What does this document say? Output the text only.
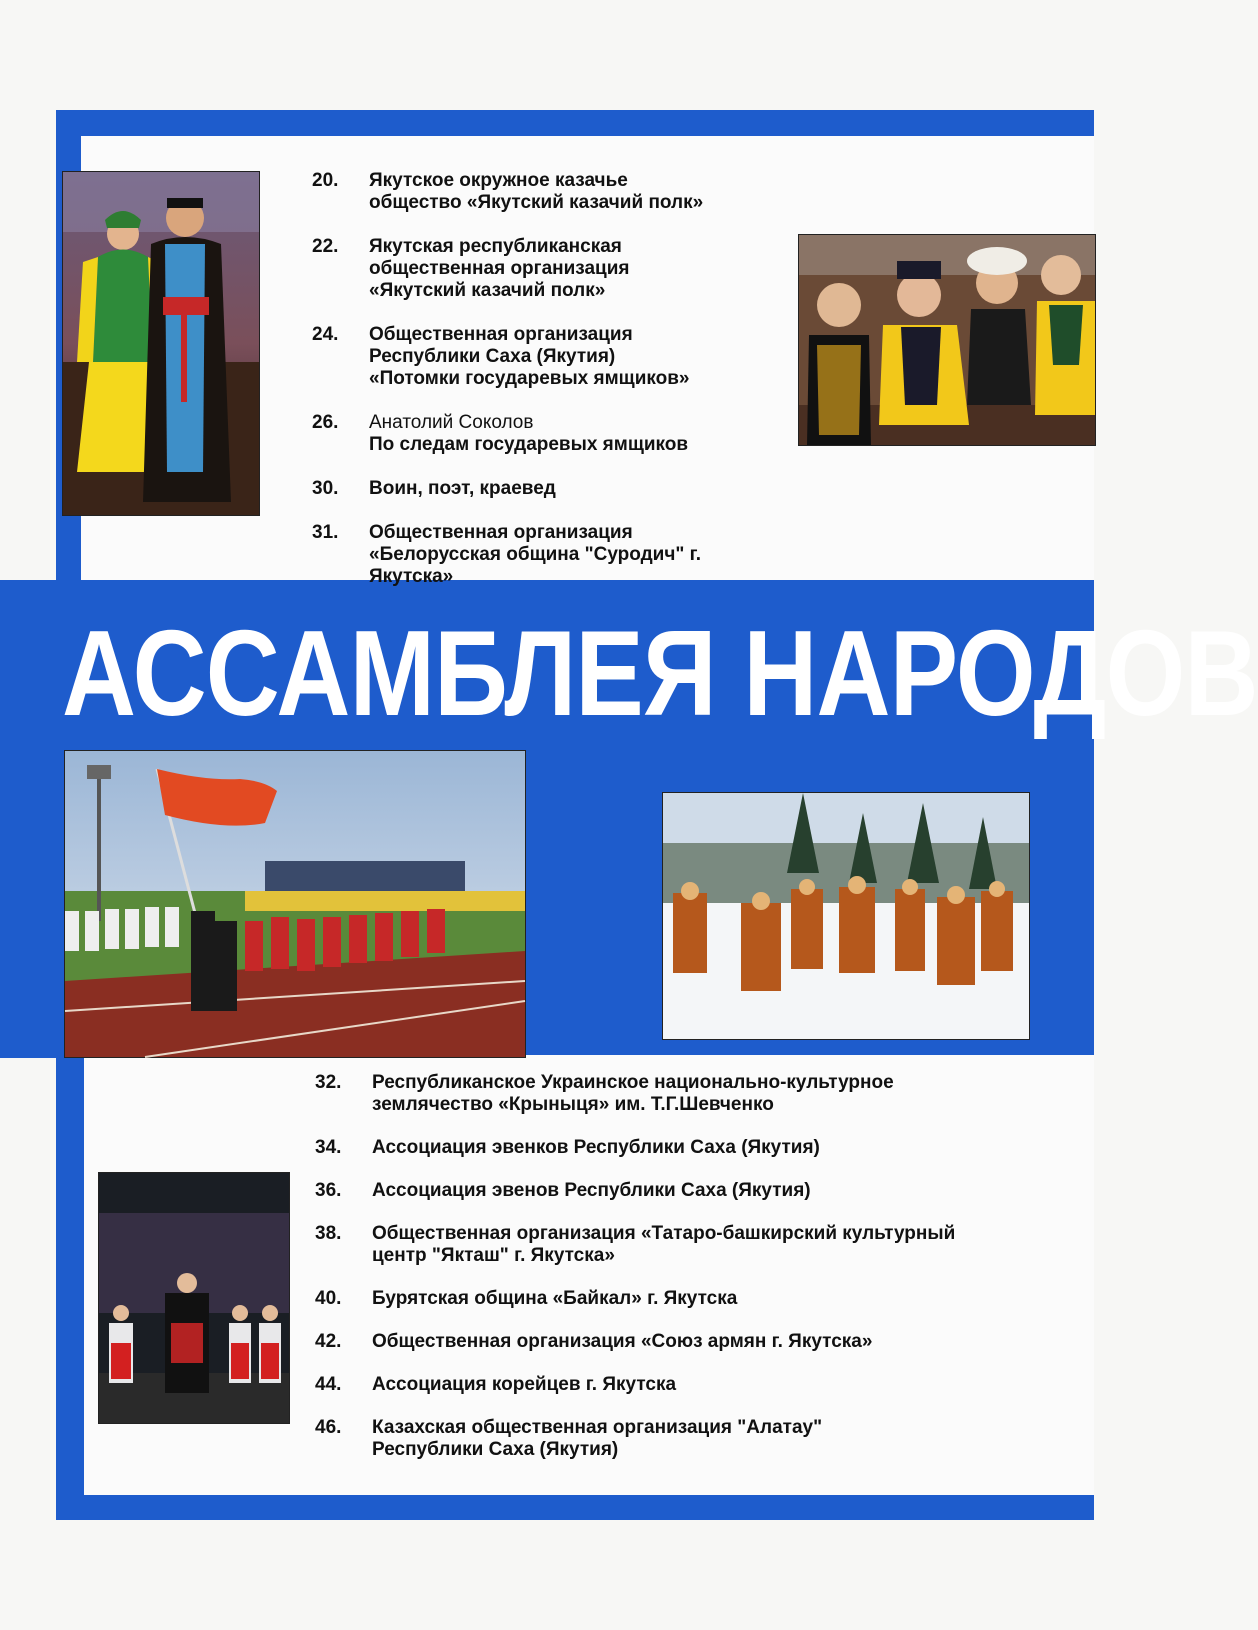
АССАМБЛЕЯ НАРОДОВ
20.	Якутское окружное казачье
общество «Якутский казачий полк»
22.	Якутская республиканская
общественная организация
«Якутский казачий полк»
24.	Общественная организация
Республики Саха (Якутия)
«Потомки государевых ямщиков»
26.	Анатолий Соколов
По следам государевых ямщиков
30.	Воин, поэт, краевед
31.	Общественная организация
«Белорусская община "Суродич" г. Якутска»
32.	Республиканское Украинское национально-культурное
землячество «Крыныця» им. Т.Г.Шевченко
34.	Ассоциация эвенков Республики Саха (Якутия)
36.	Ассоциация эвенов Республики Саха (Якутия)
38.	Общественная организация «Татаро-башкирский культурный
центр "Якташ" г. Якутска»
40.	Бурятская община «Байкал» г. Якутска
42.	Общественная организация «Союз армян г. Якутска»
44.	Ассоциация корейцев г. Якутска
46.	Казахская общественная организация "Алатау"
Республики Саха (Якутия)
